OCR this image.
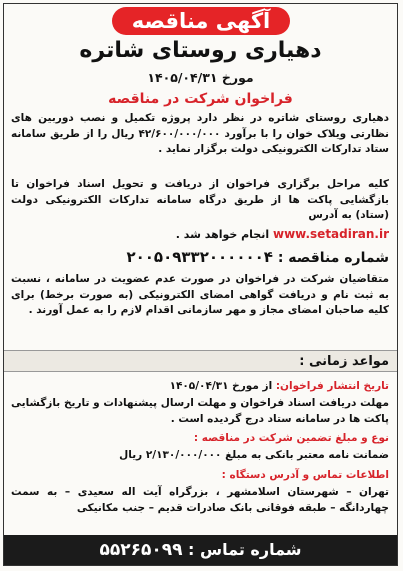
آگهی مناقصه
دهیاری روستای شاتره
مورخ ۱۴۰۵/۰۴/۳۱
فراخوان شرکت در مناقصه
دهیاری روستای شاتره در نظر دارد پروژه تکمیل و نصب دوربین های نظارتی ویلاک خوان را با برآورد ۴۲/۶۰۰/۰۰۰/۰۰۰ ریال را از طریق سامانه ستاد تدارکات الکترونیکی دولت برگزار نماید .
کلیه مراحل برگزاری فراخوان از دریافت و تحویل اسناد فراخوان تا بازگشایی پاکت ها از طریق درگاه سامانه تدارکات الکترونیکی دولت (ستاد) به آدرس
www.setadiran.ir انجام خواهد شد .
شماره مناقصه : ۲۰۰۵۰۹۳۳۲۰۰۰۰۰۰۴
متقاضیان شرکت در فراخوان در صورت عدم عضویت در سامانه ، نسبت به ثبت نام و دریافت گواهی امضای الکترونیکی (به صورت برخط) برای کلیه صاحبان امضای مجاز و مهر سازمانی اقدام لازم را به عمل آورند .
مواعد زمانی :
تاریخ انتشار فراخوان: از مورخ ۱۴۰۵/۰۴/۳۱
مهلت دریافت اسناد فراخوان و مهلت ارسال پیشنهادات و تاریخ بازگشایی پاکت ها در سامانه ستاد درج گردیده است .
نوع و مبلغ تضمین شرکت در مناقصه :
ضمانت نامه معتبر بانکی به مبلغ ۲/۱۳۰/۰۰۰/۰۰۰ ریال
اطلاعات تماس و آدرس دستگاه :
تهران – شهرستان اسلامشهر ، بزرگراه آیت اله سعیدی – به سمت چهاردانگه – طبقه فوقانی بانک صادرات قدیم – جنب مکانیکی
شماره تماس : ۵۵۲۶۵۰۹۹
